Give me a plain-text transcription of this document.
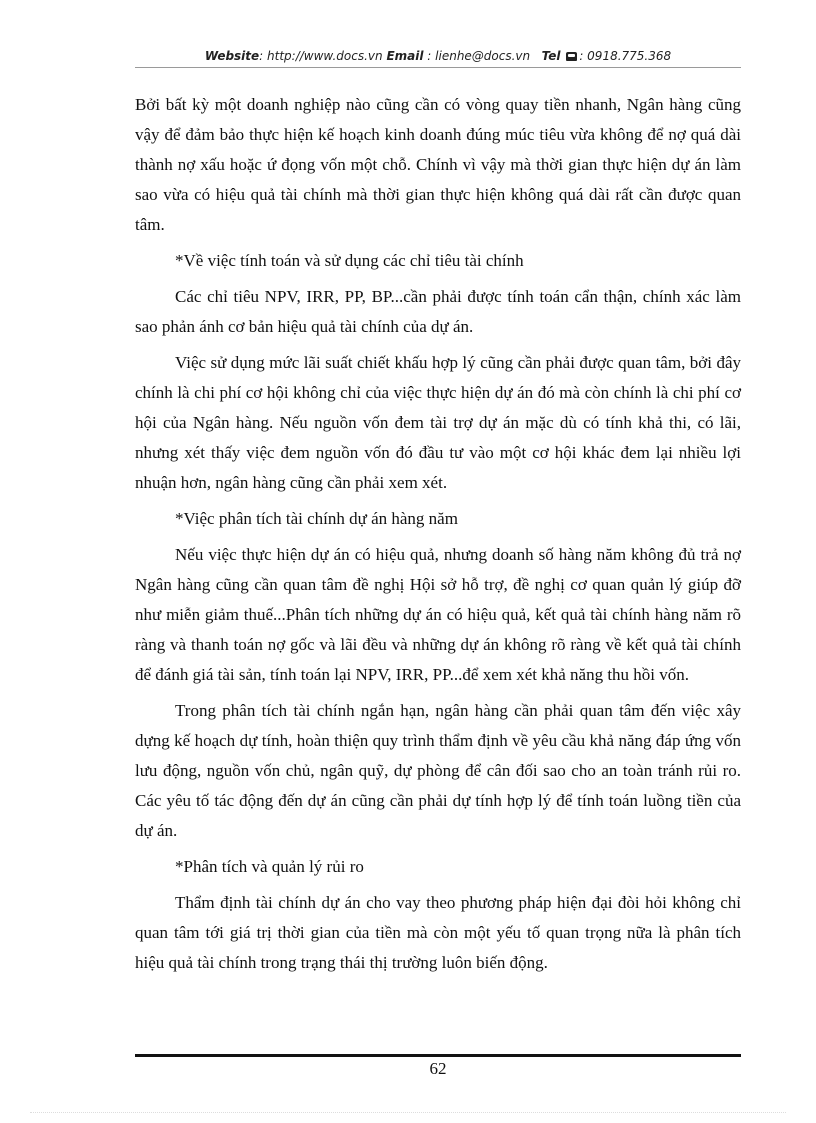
Website: http://www.docs.vn Email : lienhe@docs.vn Tel : 0918.775.368

Bởi bất kỳ một doanh nghiệp nào cũng cần có vòng quay tiền nhanh, Ngân hàng cũng vậy để đảm bảo thực hiện kế hoạch kinh doanh đúng múc tiêu vừa không để nợ quá dài thành nợ xấu hoặc ứ đọng vốn một chỗ. Chính vì vậy mà thời gian thực hiện dự án làm sao vừa có hiệu quả tài chính mà thời gian thực hiện không quá dài rất cần được quan tâm.

*Về việc tính toán và sử dụng các chỉ tiêu tài chính

Các chỉ tiêu NPV, IRR, PP, BP...cần phải được tính toán cẩn thận, chính xác làm sao phản ánh cơ bản hiệu quả tài chính của dự án.

Việc sử dụng mức lãi suất chiết khấu hợp lý cũng cần phải được quan tâm, bởi đây chính là chi phí cơ hội không chỉ của việc thực hiện dự án đó mà còn chính là chi phí cơ hội của Ngân hàng. Nếu nguồn vốn đem tài trợ dự án mặc dù có tính khả thi, có lãi, nhưng xét thấy việc đem nguồn vốn đó đầu tư vào một cơ hội khác đem lại nhiều lợi nhuận hơn, ngân hàng cũng cần phải xem xét.

*Việc phân tích tài chính dự án hàng năm

Nếu việc thực hiện dự án có hiệu quả, nhưng doanh số hàng năm không đủ trả nợ Ngân hàng cũng cần quan tâm đề nghị Hội sở hỗ trợ, đề nghị cơ quan quản lý giúp đỡ như miễn giảm thuế...Phân tích những dự án có hiệu quả, kết quả tài chính hàng năm rõ ràng và thanh toán nợ gốc và lãi đều và những dự án không rõ ràng về kết quả tài chính để đánh giá tài sản, tính toán lại NPV, IRR, PP...để xem xét khả năng thu hồi vốn.

Trong phân tích tài chính ngắn hạn, ngân hàng cần phải quan tâm đến việc xây dựng kế hoạch dự tính, hoàn thiện quy trình thẩm định về yêu cầu khả năng đáp ứng vốn lưu động, nguồn vốn chủ, ngân quỹ, dự phòng để cân đối sao cho an toàn tránh rủi ro. Các yêu tố tác động đến dự án cũng cần phải dự tính hợp lý để tính toán luồng tiền của dự án.

*Phân tích và quản lý rủi ro

Thẩm định tài chính dự án cho vay theo phương pháp hiện đại đòi hỏi không chỉ quan tâm tới giá trị thời gian của tiền mà còn một yếu tố quan trọng nữa là phân tích hiệu quả tài chính trong trạng thái thị trường luôn biến động.

62
